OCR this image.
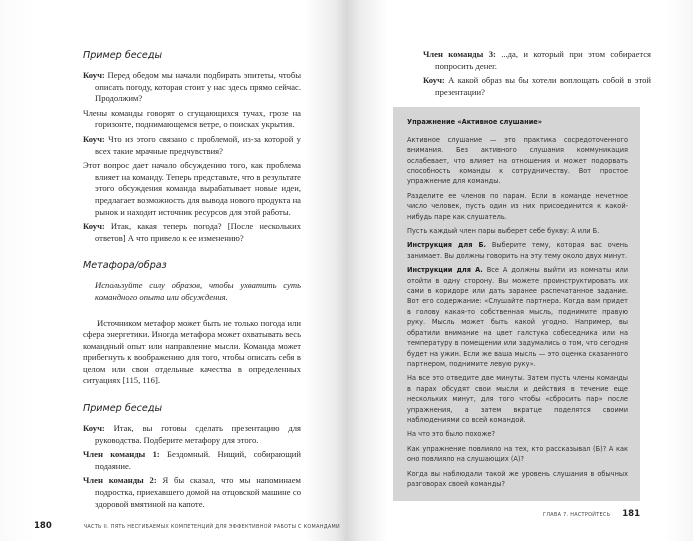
Пример беседы
Коуч: Перед обедом мы начали подбирать эпитеты, чтобы описать погоду, которая стоит у нас здесь прямо сейчас. Продолжим?
Члены команды говорят о сгущающихся тучах, грозе на горизонте, поднимающемся ветре, о поисках укрытия.
Коуч: Что из этого связано с проблемой, из-за которой у всех такие мрачные предчувствия?
Этот вопрос дает начало обсуждению того, как проблема влияет на команду. Теперь представьте, что в результате этого обсуждения команда вырабатывает новые идеи, предлагает возможность для вывода нового продукта на рынок и находит источник ресурсов для этой работы.
Коуч: Итак, какая теперь погода? [После нескольких ответов] А что привело к ее изменению?
Метафора/образ
Используйте силу образов, чтобы ухватить суть командного опыта или обсуждения.
Источником метафор может быть не только погода или сфера энергетики. Иногда метафора может охватывать весь командный опыт или направление мысли. Команда может прибегнуть к воображению для того, чтобы описать себя в целом или свои отдельные качества в определенных ситуациях [115, 116].
Пример беседы
Коуч: Итак, вы готовы сделать презентацию для руководства. Подберите метафору для этого.
Член команды 1: Бездомный. Нищий, собирающий подаяние.
Член команды 2: Я бы сказал, что мы напоминаем подростка, приехавшего домой на отцовской машине со здоровой вмятиной на капоте.
180	ЧАСТЬ II. ПЯТЬ НЕСГИБАЕМЫХ КОМПЕТЕНЦИЙ ДЛЯ ЭФФЕКТИВНОЙ РАБОТЫ С КОМАНДАМИ
Член команды 3: ...да, и который при этом собирается попросить денег.
Коуч: А какой образ вы бы хотели воплощать собой в этой презентации?
Упражнение «Активное слушание»
Активное слушание — это практика сосредоточенного внимания. Без активного слушания коммуникация ослабевает, что влияет на отношения и может подорвать способность команды к сотрудничеству. Вот простое упражнение для команды.
Разделите ее членов по парам. Если в команде нечетное число человек, пусть один из них присоединится к какой-нибудь паре как слушатель.
Пусть каждый член пары выберет себе букву: А или Б.
Инструкция для Б. Выберите тему, которая вас очень занимает. Вы должны говорить на эту тему около двух минут.
Инструкции для А. Все А должны выйти из комнаты или отойти в одну сторону. Вы можете проинструктировать их сами в коридоре или дать заранее распечатанное задание. Вот его содержание: «Слушайте партнера. Когда вам придет в голову какая-то собственная мысль, поднимите правую руку. Мысль может быть какой угодно. Например, вы обратили внимание на цвет галстука собеседника или на температуру в помещении или задумались о том, что сегодня будет на ужин. Если же ваша мысль — это оценка сказанного партнером, поднимите левую руку».
На все это отведите две минуты. Затем пусть члены команды в парах обсудят свои мысли и действия в течение еще нескольких минут, для того чтобы «сбросить пар» после упражнения, а затем вкратце поделятся своими наблюдениями со всей командой.
На что это было похоже?
Как упражнение повлияло на тех, кто рассказывал (Б)? А как оно повлияло на слушающих (А)?
Когда вы наблюдали такой же уровень слушания в обычных разговорах своей команды?
ГЛАВА 7. НАСТРОЙТЕСЬ 181
